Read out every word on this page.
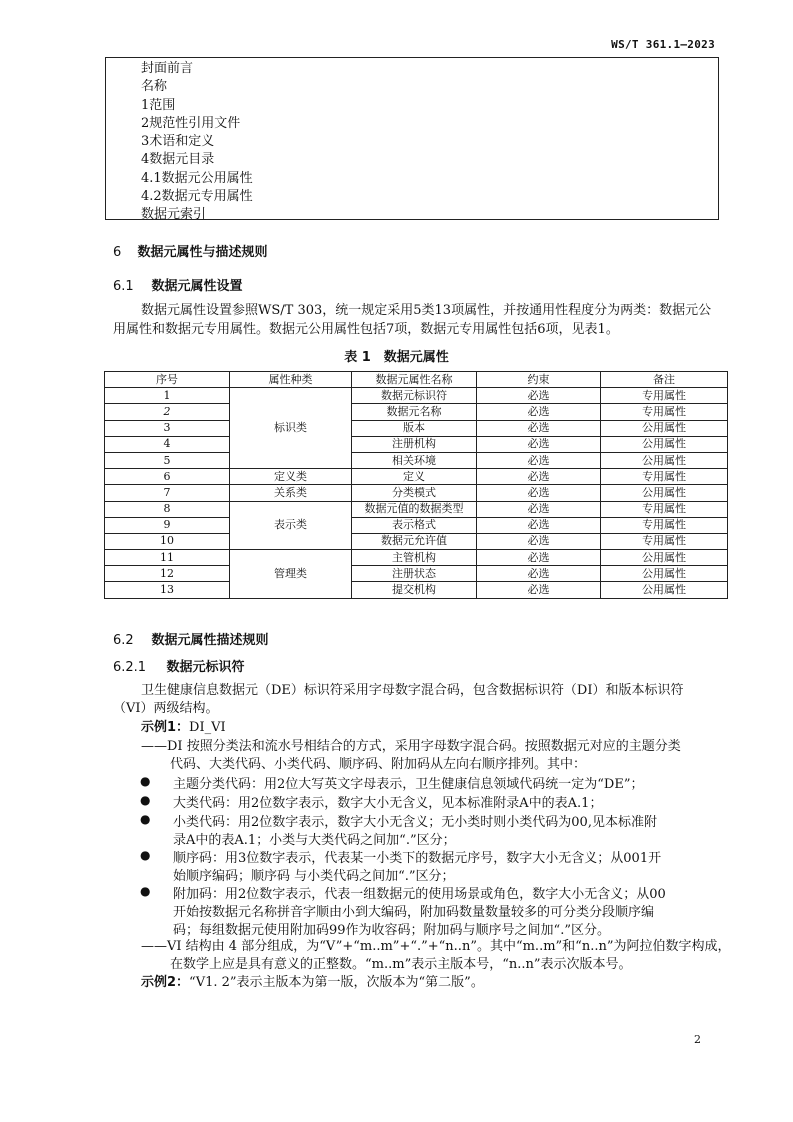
WS/T 361.1—2023
封面前言
名称
1范围
2规范性引用文件
3术语和定义
4数据元目录
4.1数据元公用属性
4.2数据元专用属性
数据元索引
6 数据元属性与描述规则
6.1 数据元属性设置
数据元属性设置参照WS/T 303，统一规定采用5类13项属性，并按通用性程度分为两类：数据元公用属性和数据元专用属性。数据元公用属性包括7项，数据元专用属性包括6项，见表1。
表 1　数据元属性
序号	属性种类	数据元属性名称	约束	备注
1	标识类	数据元标识符	必选	专用属性
2		数据元名称	必选	专用属性
3		版本	必选	公用属性
4		注册机构	必选	公用属性
5		相关环境	必选	公用属性
6	定义类	定义	必选	专用属性
7	关系类	分类模式	必选	公用属性
8	表示类	数据元值的数据类型	必选	专用属性
9		表示格式	必选	专用属性
10		数据元允许值	必选	专用属性
11	管理类	主管机构	必选	公用属性
12		注册状态	必选	公用属性
13		提交机构	必选	公用属性
6.2 数据元属性描述规则
6.2.1 数据元标识符
卫生健康信息数据元（DE）标识符采用字母数字混合码，包含数据标识符（DI）和版本标识符
（VI）两级结构。
示例1：DI_VI
——DI 按照分类法和流水号相结合的方式，采用字母数字混合码。按照数据元对应的主题分类
代码、大类代码、小类代码、顺序码、附加码从左向右顺序排列。其中：
● 主题分类代码：用2位大写英文字母表示，卫生健康信息领域代码统一定为“DE”；
● 大类代码：用2位数字表示，数字大小无含义，见本标准附录A中的表A.1；
● 小类代码：用2位数字表示，数字大小无含义；无小类时则小类代码为00,见本标准附
录A中的表A.1；小类与大类代码之间加“.”区分；
● 顺序码：用3位数字表示，代表某一小类下的数据元序号，数字大小无含义；从001开
始顺序编码；顺序码 与小类代码之间加“.”区分；
● 附加码：用2位数字表示，代表一组数据元的使用场景或角色，数字大小无含义；从00
开始按数据元名称拼音字顺由小到大编码，附加码数量数量较多的可分类分段顺序编
码；每组数据元使用附加码99作为收容码；附加码与顺序号之间加“.”区分。
——VI 结构由 4 部分组成，为“V”+“m..m”+“.”+“n..n”。其中“m..m”和“n..n”为阿拉伯数字构成，
在数学上应是具有意义的正整数。“m..m”表示主版本号，“n..n”表示次版本号。
示例2：“V1. 2”表示主版本为第一版，次版本为“第二版”。
2
